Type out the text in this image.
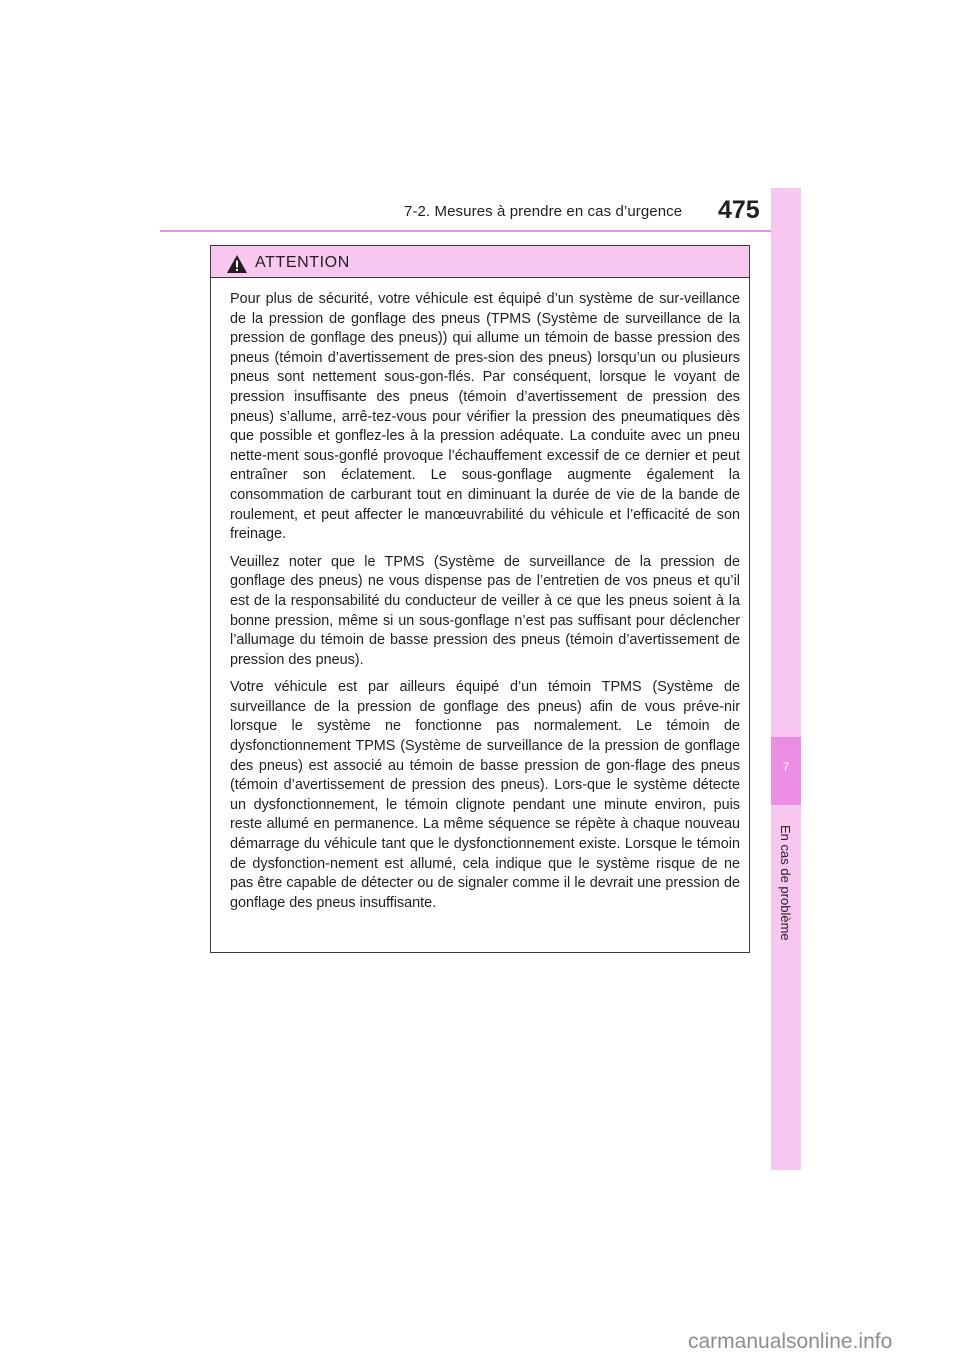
7-2. Mesures à prendre en cas d’urgence 475
7
En cas de problème
ATTENTION

Pour plus de sécurité, votre véhicule est équipé d’un système de sur-veillance de la pression de gonflage des pneus (TPMS (Système de surveillance de la pression de gonflage des pneus)) qui allume un témoin de basse pression des pneus (témoin d’avertissement de pres-sion des pneus) lorsqu’un ou plusieurs pneus sont nettement sous-gon-flés. Par conséquent, lorsque le voyant de pression insuffisante des pneus (témoin d’avertissement de pression des pneus) s’allume, arrê-tez-vous pour vérifier la pression des pneumatiques dès que possible et gonflez-les à la pression adéquate. La conduite avec un pneu nette-ment sous-gonflé provoque l’échauffement excessif de ce dernier et peut entraîner son éclatement. Le sous-gonflage augmente également la consommation de carburant tout en diminuant la durée de vie de la bande de roulement, et peut affecter le manœuvrabilité du véhicule et l’efficacité de son freinage.

Veuillez noter que le TPMS (Système de surveillance de la pression de gonflage des pneus) ne vous dispense pas de l’entretien de vos pneus et qu’il est de la responsabilité du conducteur de veiller à ce que les pneus soient à la bonne pression, même si un sous-gonflage n’est pas suffisant pour déclencher l’allumage du témoin de basse pression des pneus (témoin d’avertissement de pression des pneus).

Votre véhicule est par ailleurs équipé d’un témoin TPMS (Système de surveillance de la pression de gonflage des pneus) afin de vous préve-nir lorsque le système ne fonctionne pas normalement. Le témoin de dysfonctionnement TPMS (Système de surveillance de la pression de gonflage des pneus) est associé au témoin de basse pression de gon-flage des pneus (témoin d’avertissement de pression des pneus). Lors-que le système détecte un dysfonctionnement, le témoin clignote pendant une minute environ, puis reste allumé en permanence. La même séquence se répète à chaque nouveau démarrage du véhicule tant que le dysfonctionnement existe. Lorsque le témoin de dysfonction-nement est allumé, cela indique que le système risque de ne pas être capable de détecter ou de signaler comme il le devrait une pression de gonflage des pneus insuffisante.

carmanualsonline.info
